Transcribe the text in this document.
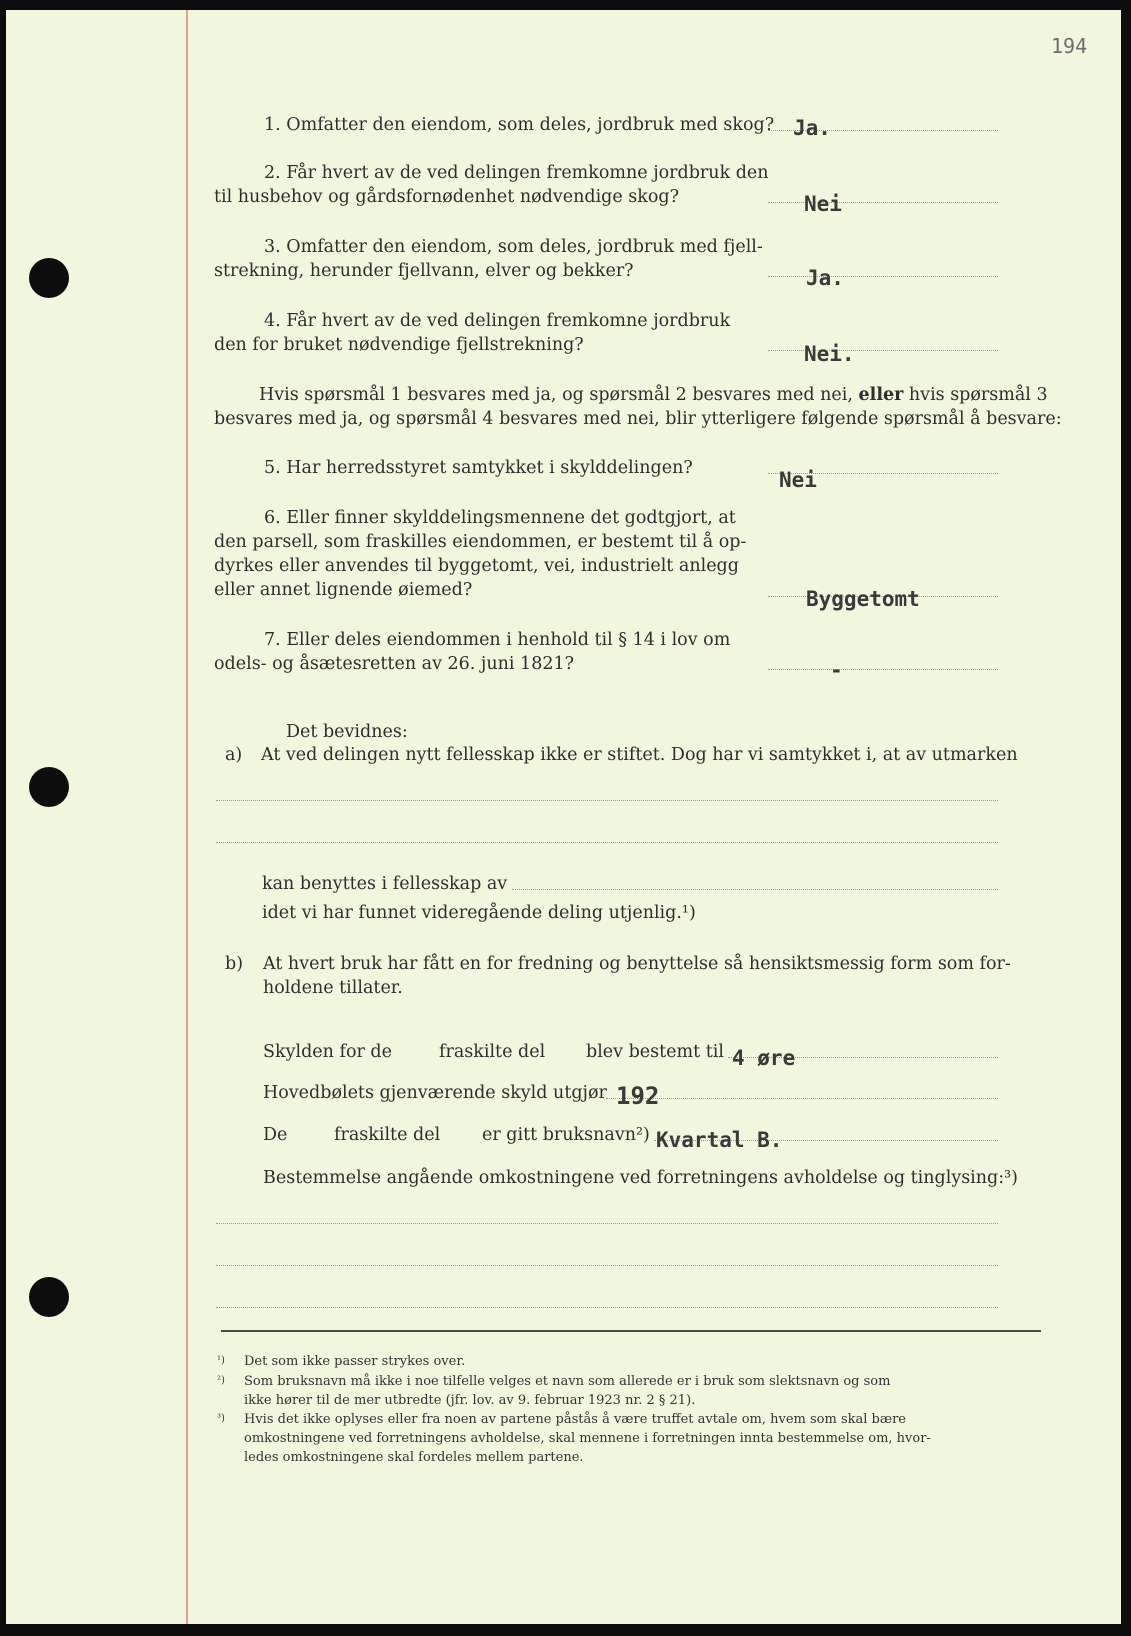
194
1. Omfatter den eiendom, som deles, jordbruk med skog? Ja.
2. Får hvert av de ved delingen fremkomne jordbruk den
til husbehov og gårdsfornødenhet nødvendige skog?	Nei
3. Omfatter den eiendom, som deles, jordbruk med fjell-
strekning, herunder fjellvann, elver og bekker?	Ja.
4. Får hvert av de ved delingen fremkomne jordbruk
den for bruket nødvendige fjellstrekning?	Nei.
Hvis spørsmål 1 besvares med ja, og spørsmål 2 besvares med nei, eller hvis spørsmål 3
besvares med ja, og spørsmål 4 besvares med nei, blir ytterligere følgende spørsmål å besvare:
5. Har herredsstyret samtykket i skylddelingen?	Nei
6. Eller finner skylddelingsmennene det godtgjort, at
den parsell, som fraskilles eiendommen, er bestemt til å op-
dyrkes eller anvendes til byggetomt, vei, industrielt anlegg
eller annet lignende øiemed?	Byggetomt
7. Eller deles eiendommen i henhold til § 14 i lov om
odels- og åsætesretten av 26. juni 1821?	-
Det bevidnes:
a) At ved delingen nytt fellesskap ikke er stiftet. Dog har vi samtykket i, at av utmarken
kan benyttes i fellesskap av
idet vi har funnet videregående deling utjenlig.¹)
b) At hvert bruk har fått en for fredning og benyttelse så hensiktsmessig form som for-
holdene tillater.
Skylden for de	fraskilte del blev bestemt til 4 øre
Hovedbølets gjenværende skyld utgjør 192
De	fraskilte del er gitt bruksnavn²) Kvartal B.
Bestemmelse angående omkostningene ved forretningens avholdelse og tinglysing:³)
¹) Det som ikke passer strykes over.
²) Som bruksnavn må ikke i noe tilfelle velges et navn som allerede er i bruk som slektsnavn og som
ikke hører til de mer utbredte (jfr. lov. av 9. februar 1923 nr. 2 § 21).
³) Hvis det ikke oplyses eller fra noen av partene påstås å være truffet avtale om, hvem som skal bære
omkostningene ved forretningens avholdelse, skal mennene i forretningen innta bestemmelse om, hvor-
ledes omkostningene skal fordeles mellem partene.
